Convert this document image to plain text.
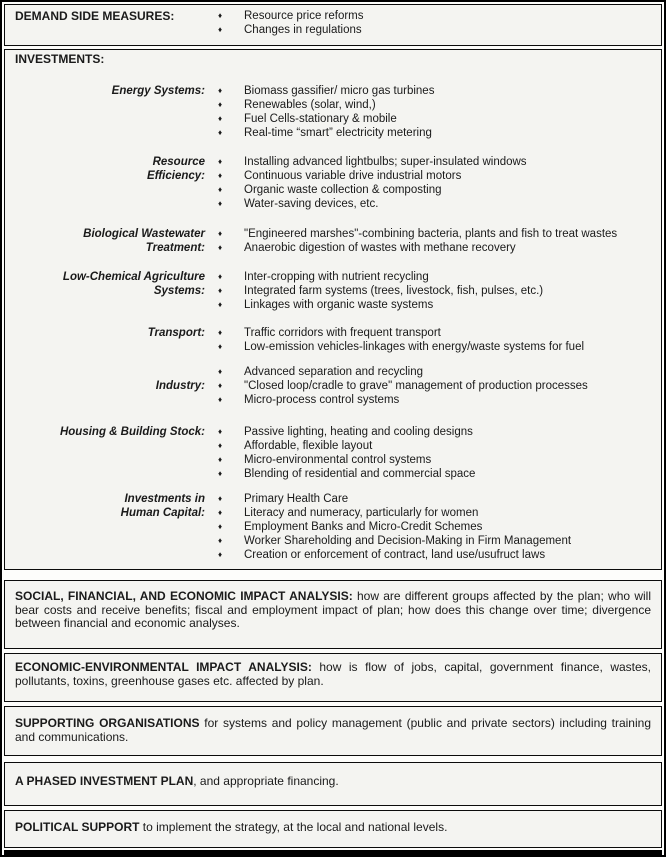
DEMAND SIDE MEASURES:	♦	Resource price reforms
♦	Changes in regulations
INVESTMENTS:
Energy Systems:	♦	Biomass gassifier/ micro gas turbines
♦	Renewables (solar, wind,)
♦	Fuel Cells-stationary & mobile
♦	Real-time “smart” electricity metering
Resource	♦	Installing advanced lightbulbs; super-insulated windows
Efficiency:	♦	Continuous variable drive industrial motors
♦	Organic waste collection & composting
♦	Water-saving devices, etc.
Biological Wastewater	♦	"Engineered marshes"-combining bacteria, plants and fish to treat wastes
Treatment:	♦	Anaerobic digestion of wastes with methane recovery
Low-Chemical Agriculture	♦	Inter-cropping with nutrient recycling
Systems:	♦	Integrated farm systems (trees, livestock, fish, pulses, etc.)
♦	Linkages with organic waste systems
Transport:	♦	Traffic corridors with frequent transport
♦	Low-emission vehicles-linkages with energy/waste systems for fuel
♦	Advanced separation and recycling
Industry:	♦	"Closed loop/cradle to grave" management of production processes
♦	Micro-process control systems
Housing & Building Stock:	♦	Passive lighting, heating and cooling designs
♦	Affordable, flexible layout
♦	Micro-environmental control systems
♦	Blending of residential and commercial space
Investments in	♦	Primary Health Care
Human Capital:	♦	Literacy and numeracy, particularly for women
♦	Employment Banks and Micro-Credit Schemes
♦	Worker Shareholding and Decision-Making in Firm Management
♦	Creation or enforcement of contract, land use/usufruct laws

SOCIAL, FINANCIAL, AND ECONOMIC IMPACT ANALYSIS: how are different groups affected by the plan; who will bear costs and receive benefits; fiscal and employment impact of plan; how does this change over time; divergence between financial and economic analyses.

ECONOMIC-ENVIRONMENTAL IMPACT ANALYSIS: how is flow of jobs, capital, government finance, wastes, pollutants, toxins, greenhouse gases etc. affected by plan.

SUPPORTING ORGANISATIONS for systems and policy management (public and private sectors) including training and communications.

A PHASED INVESTMENT PLAN, and appropriate financing.

POLITICAL SUPPORT to implement the strategy, at the local and national levels.
